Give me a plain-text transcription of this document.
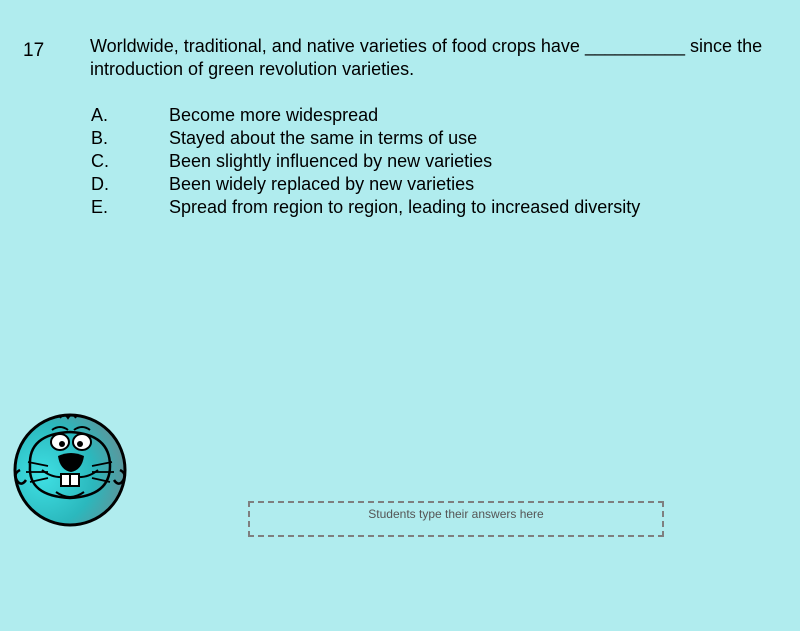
17	Worldwide, traditional, and native varieties of food crops have __________ since the introduction of green revolution varieties.
A.	Become more widespread
B.	Stayed about the same in terms of use
C.	Been slightly influenced by new varieties
D.	Been widely replaced by new varieties
E.	Spread from region to region, leading to increased diversity
Students type their answers here
